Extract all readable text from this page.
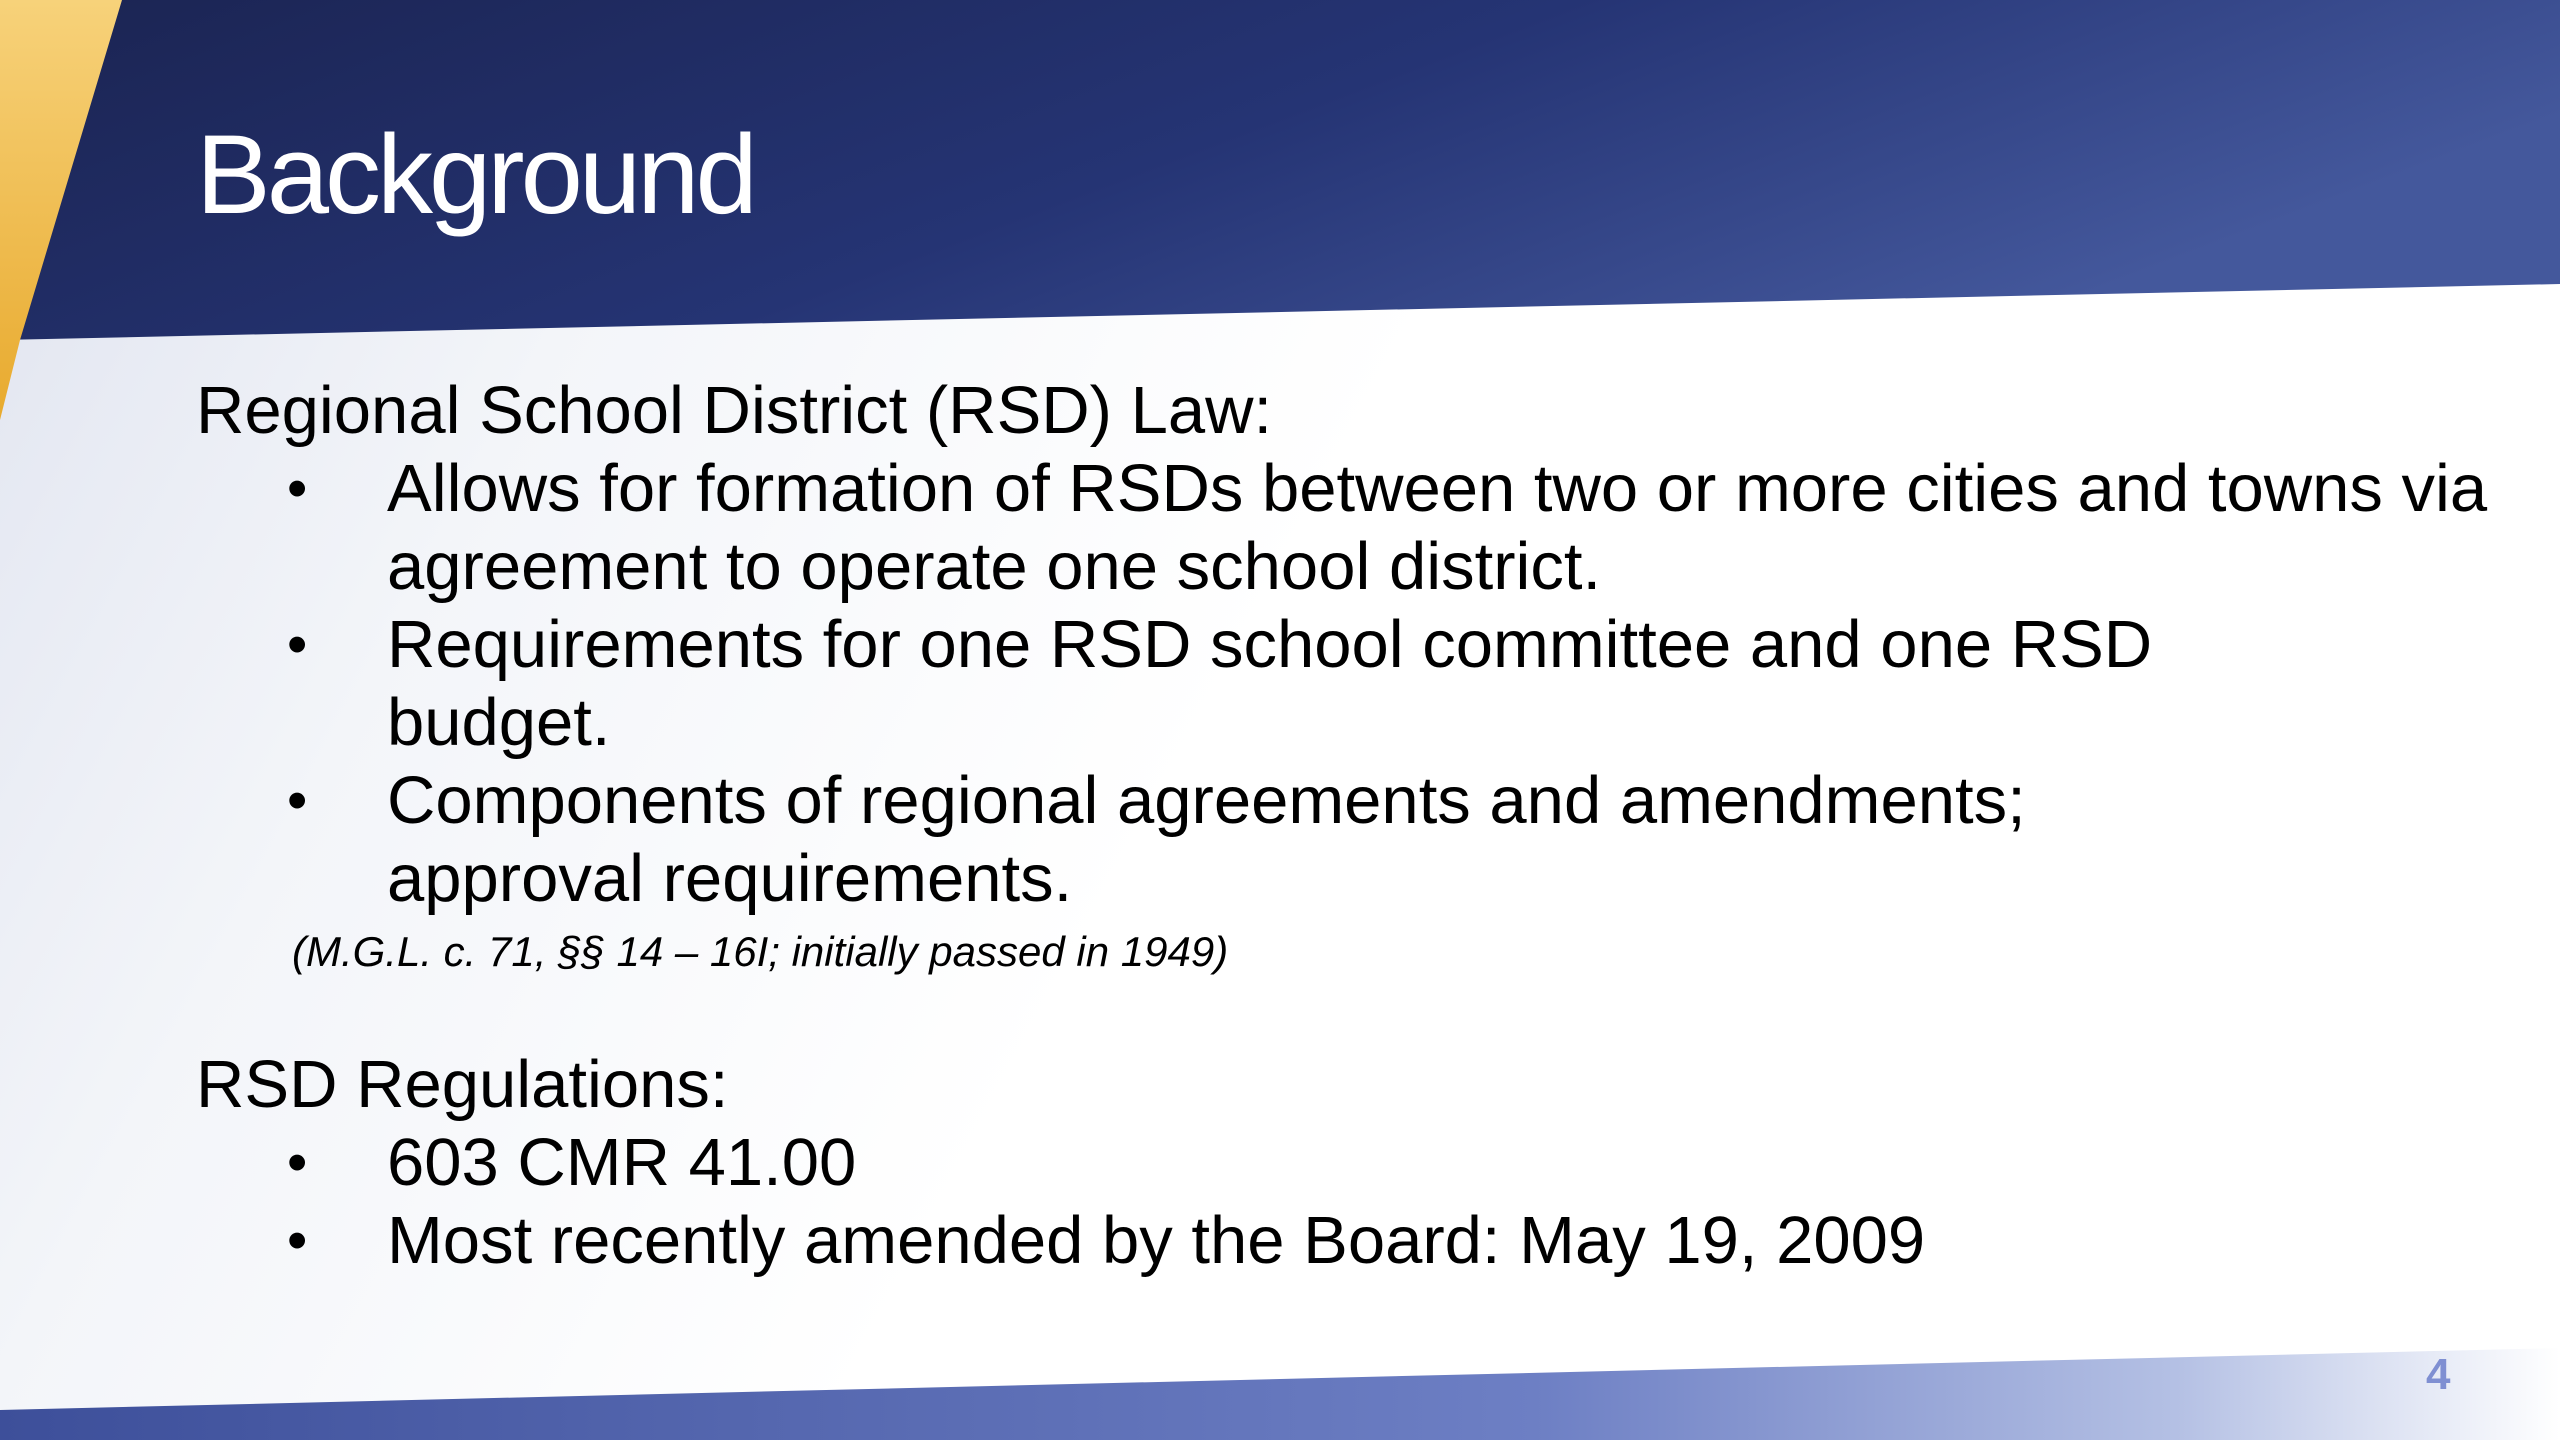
Background

Regional School District (RSD) Law:

• Allows for formation of RSDs between two or more cities and towns via agreement to operate one school district.
• Requirements for one RSD school committee and one RSD budget.
• Components of regional agreements and amendments; approval requirements.

(M.G.L. c. 71, §§ 14 – 16I; initially passed in 1949)

RSD Regulations:

• 603 CMR 41.00
• Most recently amended by the Board: May 19, 2009
4
